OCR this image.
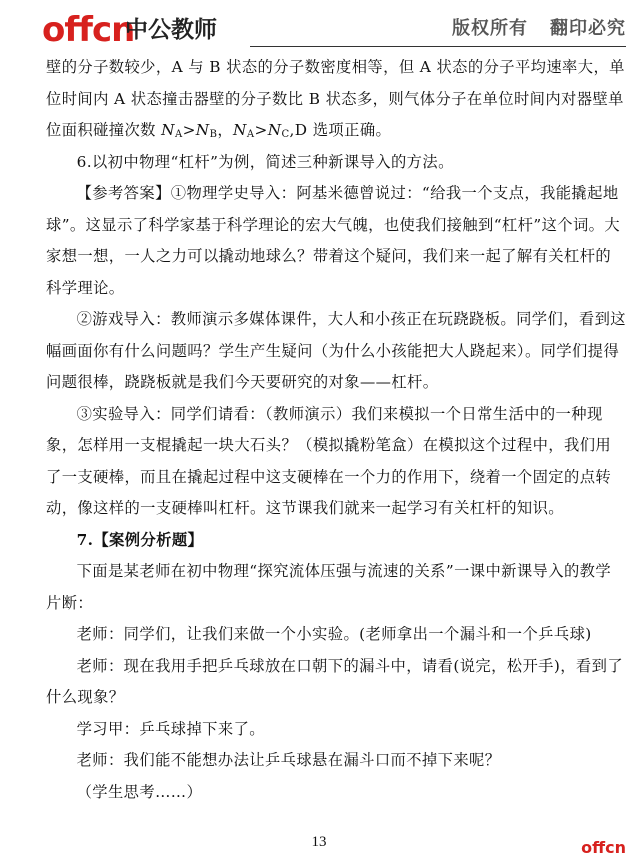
offcn
中公教师	版权所有 翻印必究

壁的分子数较少，A 与 B 状态的分子数密度相等，但 A 状态的分子平均速率大，单位时间内 A 状态撞击器壁的分子数比 B 状态多，则气体分子在单位时间内对器壁单位面积碰撞次数 $N_A>N_B$，$N_A>N_C,D$ 选项正确。

6.以初中物理“杠杆”为例，简述三种新课导入的方法。

【参考答案】①物理学史导入：阿基米德曾说过：“给我一个支点，我能撬起地球”。这显示了科学家基于科学理论的宏大气魄，也使我们接触到“杠杆”这个词。大家想一想，一人之力可以撬动地球么？带着这个疑问，我们来一起了解有关杠杆的科学理论。

②游戏导入：教师演示多媒体课件，大人和小孩正在玩跷跷板。同学们，看到这幅画面你有什么问题吗？学生产生疑问（为什么小孩能把大人跷起来）。同学们提得问题很棒，跷跷板就是我们今天要研究的对象——杠杆。

③实验导入：同学们请看：（教师演示）我们来模拟一个日常生活中的一种现象，怎样用一支棍撬起一块大石头？（模拟撬粉笔盒）在模拟这个过程中，我们用了一支硬棒，而且在撬起过程中这支硬棒在一个力的作用下，绕着一个固定的点转动，像这样的一支硬棒叫杠杆。这节课我们就来一起学习有关杠杆的知识。

7.【案例分析题】

下面是某老师在初中物理“探究流体压强与流速的关系”一课中新课导入的教学片断：

老师：同学们，让我们来做一个小实验。(老师拿出一个漏斗和一个乒乓球)

老师：现在我用手把乒乓球放在口朝下的漏斗中，请看(说完，松开手)，看到了什么现象？

学习甲：乒乓球掉下来了。

老师：我们能不能想办法让乒乓球悬在漏斗口而不掉下来呢？

（学生思考……）

13	offcn
